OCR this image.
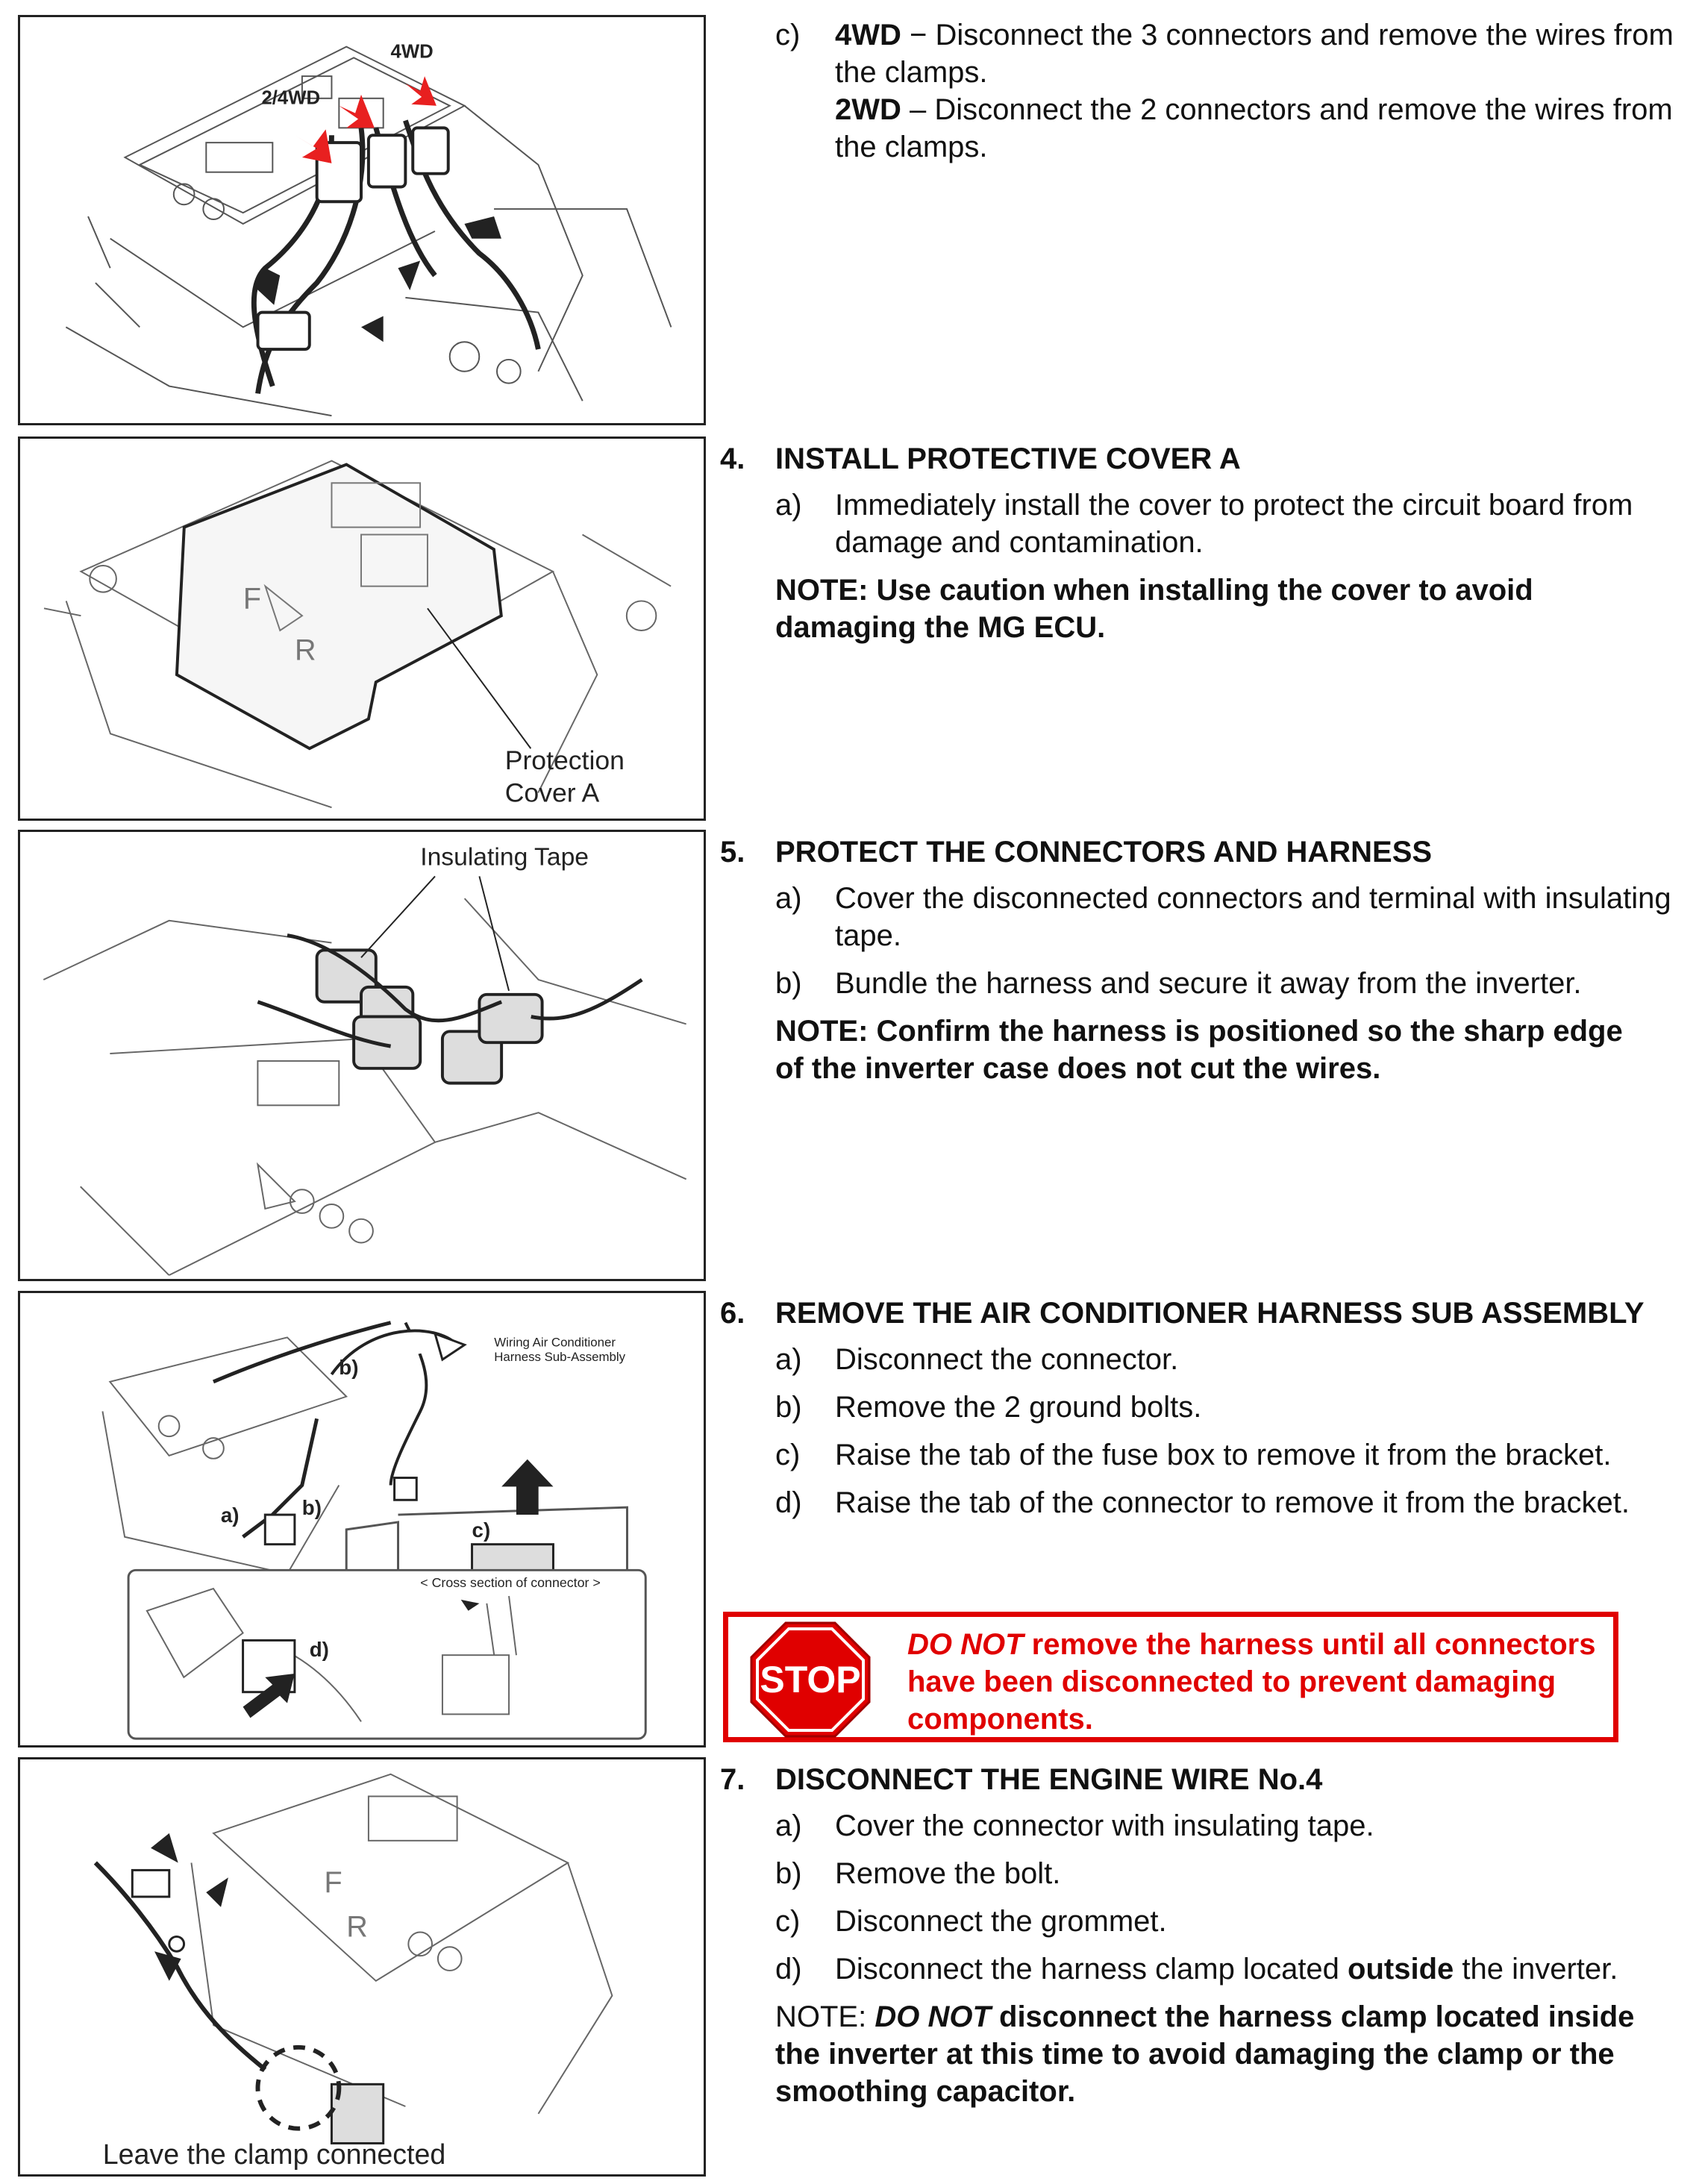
2/4WD
4WD
F
R
Protection
Cover A
Insulating Tape
Wiring Air Conditioner
Harness Sub-Assembly
< Cross section of connector >
a)
b)
b)
c)
d)
F
R
Leave the clamp connected
c)	4WD − Disconnect the 3 connectors and remove the wires from the clamps.
2WD – Disconnect the 2 connectors and remove the wires from the clamps.
4.	INSTALL PROTECTIVE COVER A
a)	Immediately install the cover to protect the circuit board from damage and contamination.
NOTE: Use caution when installing the cover to avoid damaging the MG ECU.
5.	PROTECT THE CONNECTORS AND HARNESS
a)	Cover the disconnected connectors and terminal with insulating tape.
b)	Bundle the harness and secure it away from the inverter.
NOTE: Confirm the harness is positioned so the sharp edge of the inverter case does not cut the wires.
6.	REMOVE THE AIR CONDITIONER HARNESS SUB ASSEMBLY
a)	Disconnect the connector.
b)	Remove the 2 ground bolts.
c)	Raise the tab of the fuse box to remove it from the bracket.
d)	Raise the tab of the connector to remove it from the bracket.
STOP
DO NOT remove the harness until all connectors have been disconnected to prevent damaging components.
7.	DISCONNECT THE ENGINE WIRE No.4
a)	Cover the connector with insulating tape.
b)	Remove the bolt.
c)	Disconnect the grommet.
d)	Disconnect the harness clamp located outside the inverter.
NOTE: DO NOT disconnect the harness clamp located inside the inverter at this time to avoid damaging the clamp or the smoothing capacitor.
